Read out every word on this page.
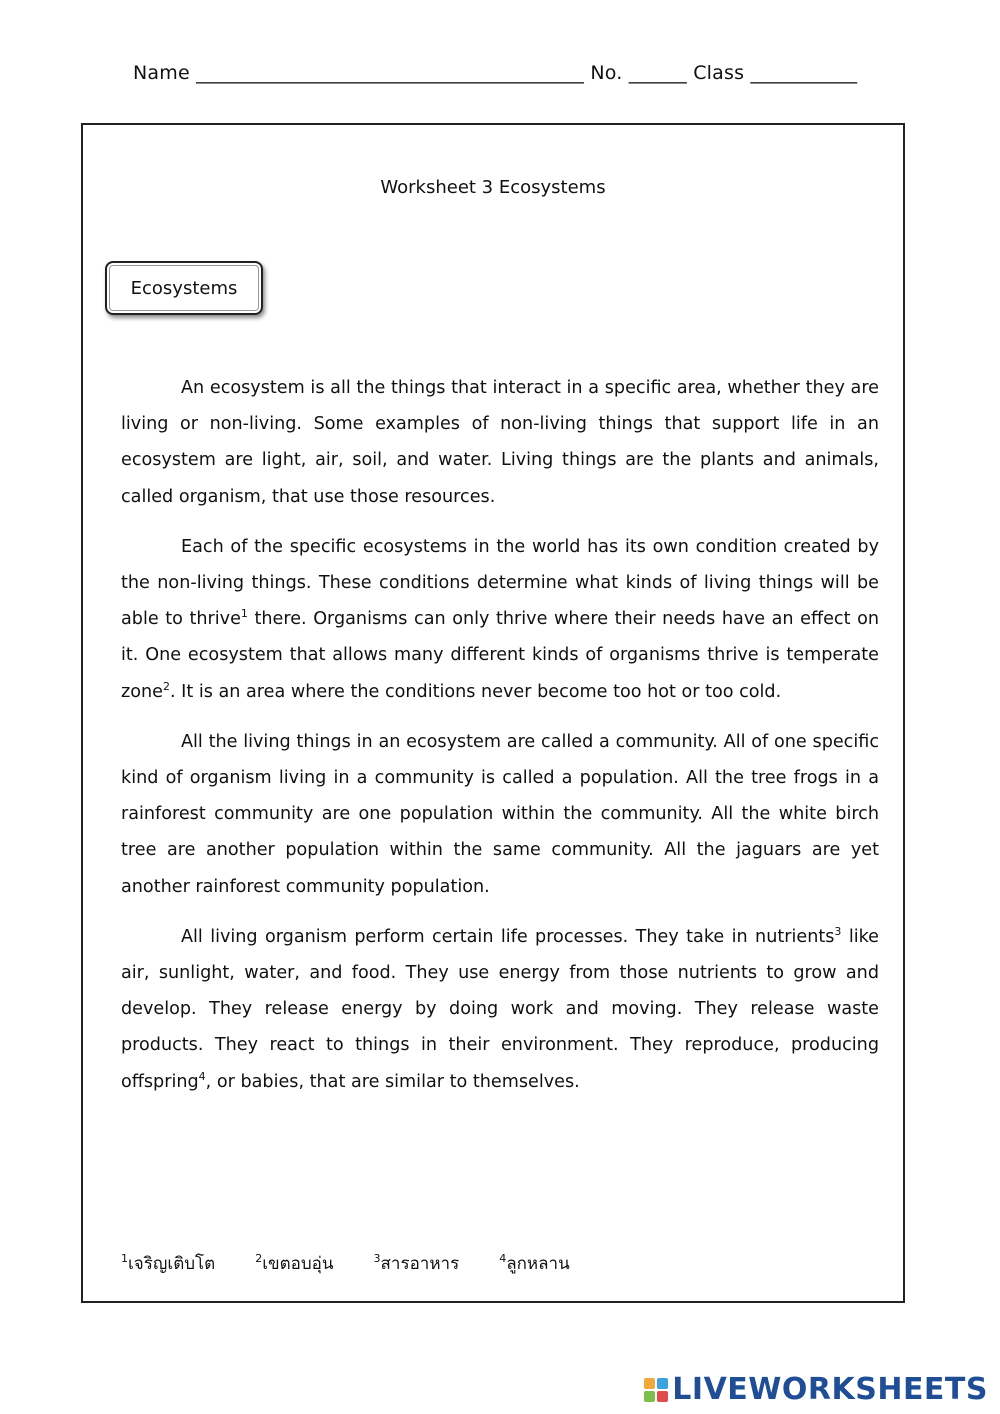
Name ________________________________________ No. ______ Class ___________
Worksheet 3 Ecosystems
Ecosystems

An ecosystem is all the things that interact in a specific area, whether they are living or non-living. Some examples of non-living things that support life in an ecosystem are light, air, soil, and water. Living things are the plants and animals, called organism, that use those resources.

Each of the specific ecosystems in the world has its own condition created by the non-living things. These conditions determine what kinds of living things will be able to thrive$^1$ there. Organisms can only thrive where their needs have an effect on it. One ecosystem that allows many different kinds of organisms thrive is temperate zone$^2$. It is an area where the conditions never become too hot or too cold.

All the living things in an ecosystem are called a community. All of one specific kind of organism living in a community is called a population. All the tree frogs in a rainforest community are one population within the community. All the white birch tree are another population within the same community. All the jaguars are yet another rainforest community population.

All living organism perform certain life processes. They take in nutrients$^3$ like air, sunlight, water, and food. They use energy from those nutrients to grow and develop. They release energy by doing work and moving. They release waste products. They react to things in their environment. They reproduce, producing offspring$^4$, or babies, that are similar to themselves.

$^1$เจริญเติบโต	$^2$เขตอบอุ่น	$^3$สารอาหาร	$^4$ลูกหลาน
LIVEWORKSHEETS
